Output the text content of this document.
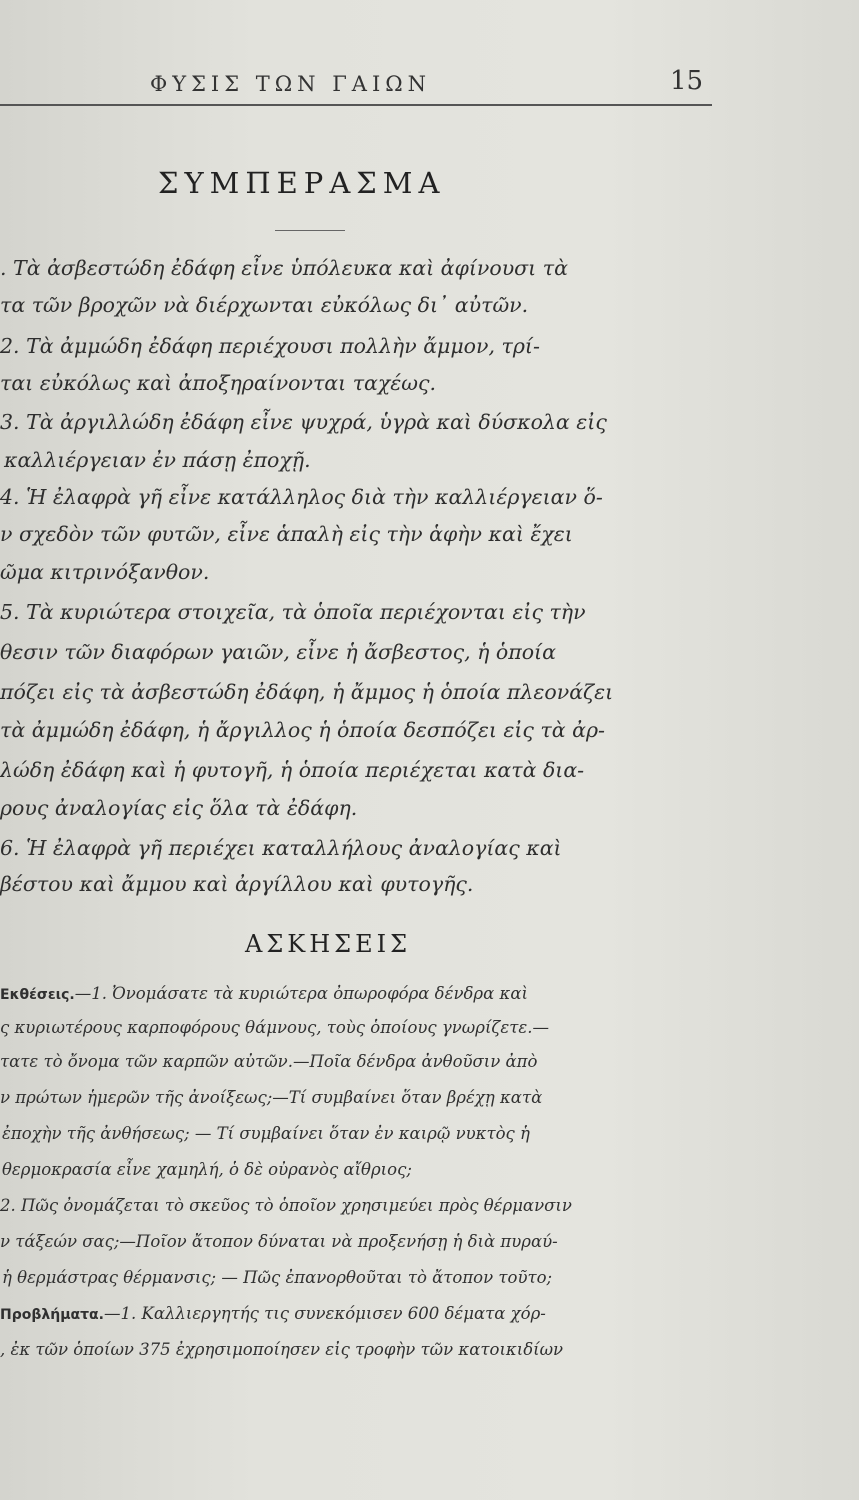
ΦΥΣΙΣ ΤΩΝ ΓΑΙΩΝ	15
ΣΥΜΠΕΡΑΣΜΑ
. Τὰ ἀσβεστώδη ἐδάφη εἶνε ὑπόλευκα καὶ ἀφίνουσι τὰ
τα τῶν βροχῶν νὰ διέρχωνται εὐκόλως δι᾽ αὐτῶν.
2. Τὰ ἀμμώδη ἐδάφη περιέχουσι πολλὴν ἄμμον, τρί-
ται εὐκόλως καὶ ἀποξηραίνονται ταχέως.
3. Τὰ ἀργιλλώδη ἐδάφη εἶνε ψυχρά, ὑγρὰ καὶ δύσκολα εἰς
καλλιέργειαν ἐν πάσῃ ἐποχῇ.
4. Ἡ ἐλαφρὰ γῆ εἶνε κατάλληλος διὰ τὴν καλλιέργειαν ὅ-
ν σχεδὸν τῶν φυτῶν, εἶνε ἁπαλὴ εἰς τὴν ἁφὴν καὶ ἔχει
ῶμα κιτρινόξανθον.
5. Τὰ κυριώτερα στοιχεῖα, τὰ ὁποῖα περιέχονται εἰς τὴν
θεσιν τῶν διαφόρων γαιῶν, εἶνε ἡ ἄσβεστος, ἡ ὁποία
πόζει εἰς τὰ ἀσβεστώδη ἐδάφη, ἡ ἄμμος ἡ ὁποία πλεονάζει
τὰ ἀμμώδη ἐδάφη, ἡ ἄργιλλος ἡ ὁποία δεσπόζει εἰς τὰ ἀρ-
λώδη ἐδάφη καὶ ἡ φυτογῆ, ἡ ὁποία περιέχεται κατὰ δια-
ρους ἀναλογίας εἰς ὅλα τὰ ἐδάφη.
6. Ἡ ἐλαφρὰ γῆ περιέχει καταλλήλους ἀναλογίας καὶ
βέστου καὶ ἄμμου καὶ ἀργίλλου καὶ φυτογῆς.
ΑΣΚΗΣΕΙΣ
Εκθέσεις.—1. Ὀνομάσατε τὰ κυριώτερα ὀπωροφόρα δένδρα καὶ
ς κυριωτέρους καρποφόρους θάμνους, τοὺς ὁποίους γνωρίζετε.—
τατε τὸ ὄνομα τῶν καρπῶν αὐτῶν.—Ποῖα δένδρα ἀνθοῦσιν ἀπὸ
ν πρώτων ἡμερῶν τῆς ἀνοίξεως;—Τί συμβαίνει ὅταν βρέχῃ κατὰ
ἐποχὴν τῆς ἀνθήσεως; — Τί συμβαίνει ὅταν ἐν καιρῷ νυκτὸς ἡ
θερμοκρασία εἶνε χαμηλή, ὁ δὲ οὐρανὸς αἴθριος;
2. Πῶς ὀνομάζεται τὸ σκεῦος τὸ ὁποῖον χρησιμεύει πρὸς θέρμανσιν
ν τάξεών σας;—Ποῖον ἄτοπον δύναται νὰ προξενήσῃ ἡ διὰ πυραύ-
ἡ θερμάστρας θέρμανσις; — Πῶς ἐπανορθοῦται τὸ ἄτοπον τοῦτο;
Προβλήματα.—1. Καλλιεργητής τις συνεκόμισεν 600 δέματα χόρ-
, ἐκ τῶν ὁποίων 375 ἐχρησιμοποίησεν εἰς τροφὴν τῶν κατοικιδίων
